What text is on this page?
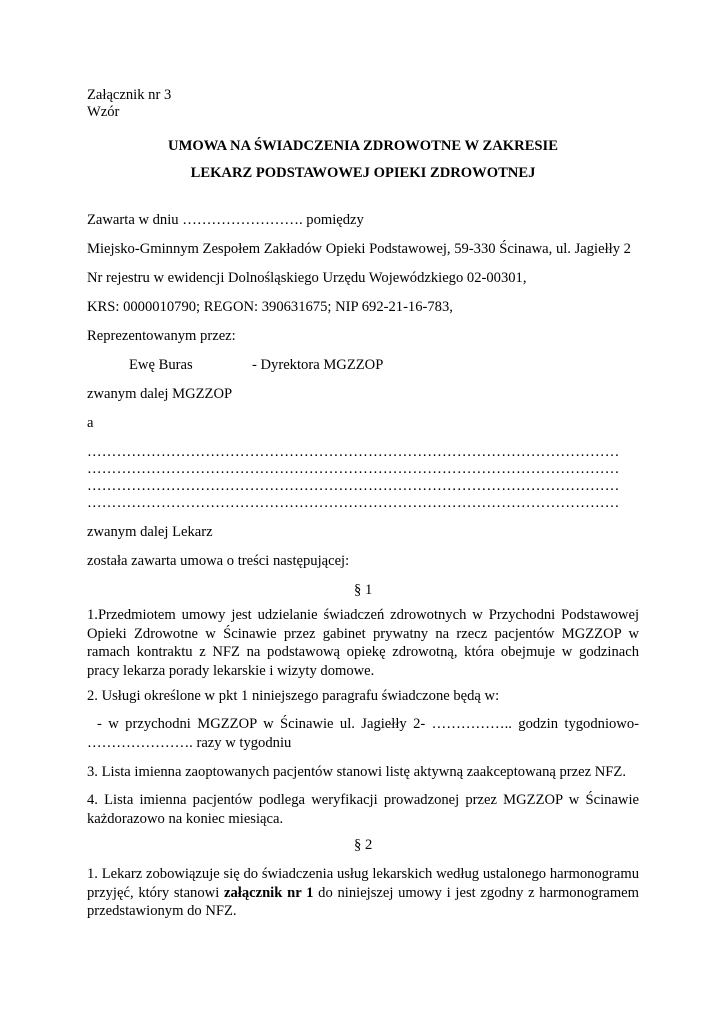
Załącznik nr 3
Wzór
UMOWA NA ŚWIADCZENIA ZDROWOTNE W ZAKRESIE
LEKARZ PODSTAWOWEJ OPIEKI ZDROWOTNEJ
Zawarta w dniu ……………………. pomiędzy
Miejsko-Gminnym Zespołem Zakładów Opieki Podstawowej, 59-330 Ścinawa, ul. Jagiełły 2
Nr rejestru w ewidencji Dolnośląskiego Urzędu Wojewódzkiego 02-00301,
KRS: 0000010790; REGON: 390631675; NIP 692-21-16-783,
Reprezentowanym przez:
Ewę Buras	- Dyrektora MGZZOP
zwanym dalej MGZZOP
a
………………………………………………………………………………………………
………………………………………………………………………………………………
………………………………………………………………………………………………
………………………………………………………………………………………………
zwanym dalej Lekarz
została zawarta umowa o treści następującej:
§ 1
1.Przedmiotem umowy jest udzielanie świadczeń zdrowotnych w Przychodni Podstawowej Opieki Zdrowotne w Ścinawie przez gabinet prywatny na rzecz pacjentów MGZZOP w ramach kontraktu z NFZ na podstawową opiekę zdrowotną, która obejmuje w godzinach pracy lekarza porady lekarskie i wizyty domowe.
2. Usługi określone w pkt 1 niniejszego paragrafu świadczone będą w:
- w przychodni MGZZOP w Ścinawie ul. Jagiełły 2- …………….. godzin tygodniowo- …………………. razy w tygodniu
3. Lista imienna zaoptowanych pacjentów stanowi listę aktywną zaakceptowaną przez NFZ.
4. Lista imienna pacjentów podlega weryfikacji prowadzonej przez MGZZOP w Ścinawie każdorazowo na koniec miesiąca.
§ 2
1. Lekarz zobowiązuje się do świadczenia usług lekarskich według ustalonego harmonogramu przyjęć, który stanowi załącznik nr 1 do niniejszej umowy i jest zgodny z harmonogramem przedstawionym do NFZ.
